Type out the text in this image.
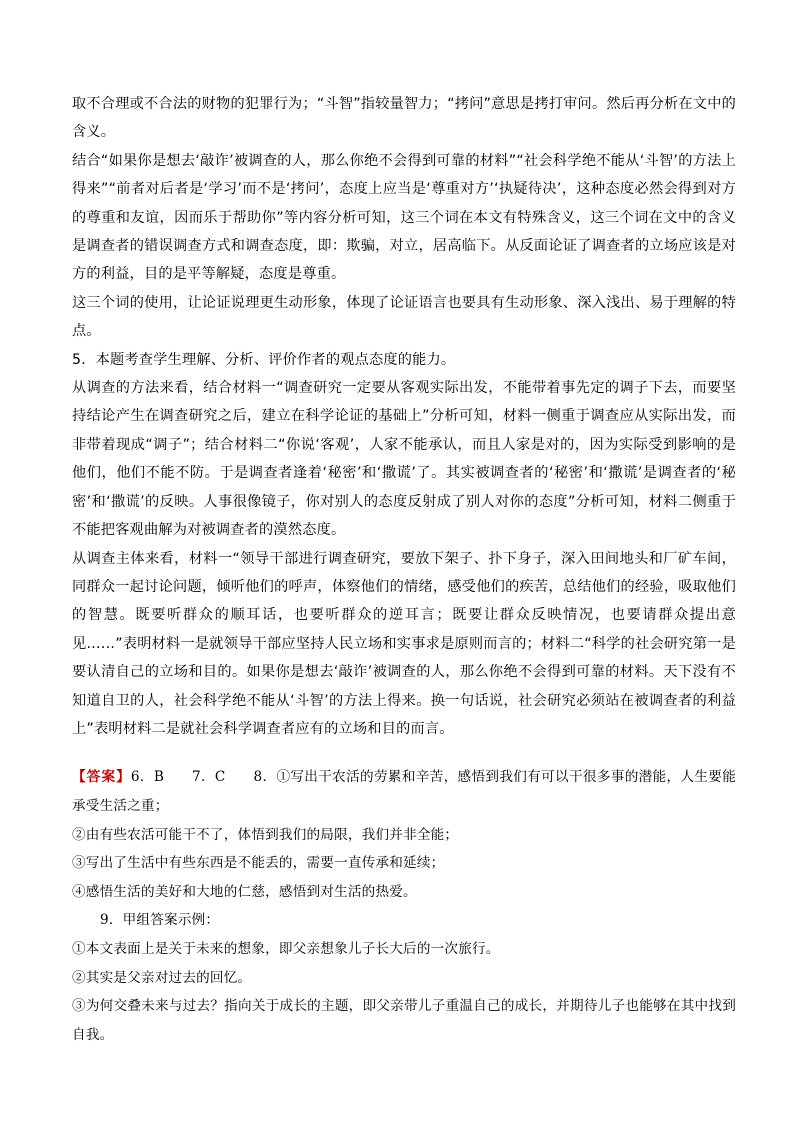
取不合理或不合法的财物的犯罪行为；“斗智”指较量智力；“拷问”意思是拷打审问。然后再分析在文中的含义。

结合“如果你是想去‘敲诈’被调查的人，那么你绝不会得到可靠的材料”“社会科学绝不能从‘斗智’的方法上得来”“前者对后者是‘学习’而不是‘拷问’，态度上应当是‘尊重对方’‘执疑待决’，这种态度必然会得到对方的尊重和友谊，因而乐于帮助你”等内容分析可知，这三个词在本文有特殊含义，这三个词在文中的含义是调查者的错误调查方式和调查态度，即：欺骗，对立，居高临下。从反面论证了调查者的立场应该是对方的利益，目的是平等解疑，态度是尊重。

这三个词的使用，让论证说理更生动形象，体现了论证语言也要具有生动形象、深入浅出、易于理解的特点。

5．本题考查学生理解、分析、评价作者的观点态度的能力。

从调查的方法来看，结合材料一“调查研究一定要从客观实际出发，不能带着事先定的调子下去，而要坚持结论产生在调查研究之后，建立在科学论证的基础上”分析可知，材料一侧重于调查应从实际出发，而非带着现成“调子”；结合材料二“你说‘客观’，人家不能承认，而且人家是对的，因为实际受到影响的是他们，他们不能不防。于是调查者逢着‘秘密’和‘撒谎’了。其实被调查者的‘秘密’和‘撒谎’是调查者的‘秘密’和‘撒谎’的反映。人事很像镜子，你对别人的态度反射成了别人对你的态度”分析可知，材料二侧重于不能把客观曲解为对被调查者的漠然态度。

从调查主体来看，材料一“领导干部进行调查研究，要放下架子、扑下身子，深入田间地头和厂矿车间，同群众一起讨论问题，倾听他们的呼声，体察他们的情绪，感受他们的疾苦，总结他们的经验，吸取他们的智慧。既要听群众的顺耳话，也要听群众的逆耳言；既要让群众反映情况，也要请群众提出意见……”表明材料一是就领导干部应坚持人民立场和实事求是原则而言的；材料二“科学的社会研究第一是要认清自己的立场和目的。如果你是想去‘敲诈’被调查的人，那么你绝不会得到可靠的材料。天下没有不知道自卫的人，社会科学绝不能从‘斗智’的方法上得来。换一句话说，社会研究必须站在被调查者的利益上”表明材料二是就社会科学调查者应有的立场和目的而言。

【答案】6．B　　7．C　　8．①写出干农活的劳累和辛苦，感悟到我们有可以干很多事的潜能，人生要能承受生活之重；

②由有些农活可能干不了，体悟到我们的局限，我们并非全能；

③写出了生活中有些东西是不能丢的，需要一直传承和延续；

④感悟生活的美好和大地的仁慈，感悟到对生活的热爱。

9．甲组答案示例：

①本文表面上是关于未来的想象，即父亲想象儿子长大后的一次旅行。

②其实是父亲对过去的回忆。

③为何交叠未来与过去？指向关于成长的主题，即父亲带儿子重温自己的成长，并期待儿子也能够在其中找到自我。
